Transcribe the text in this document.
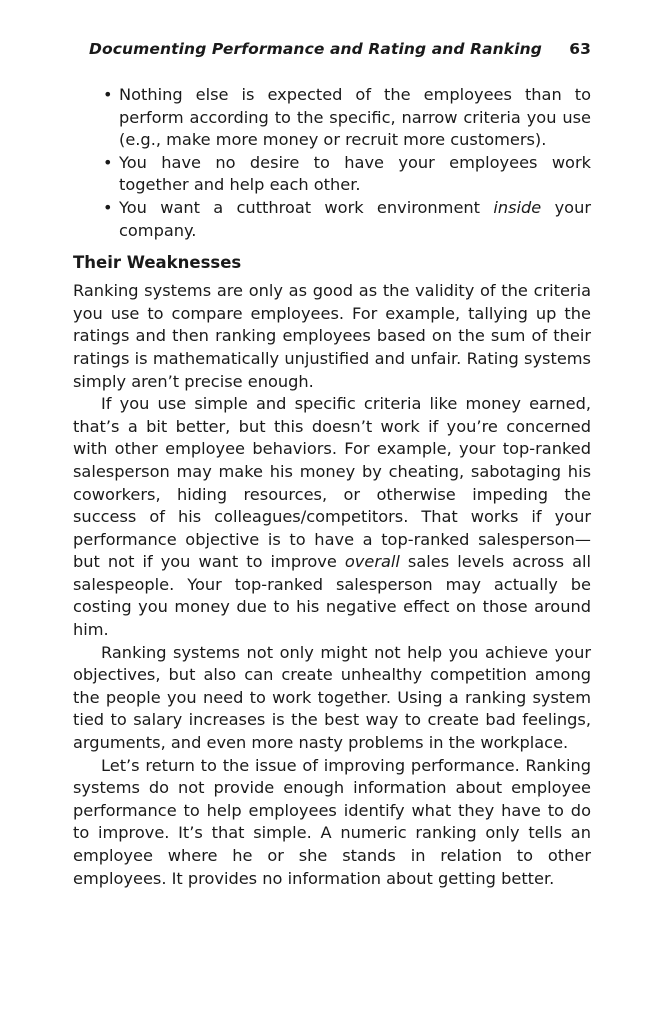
Documenting Performance and Rating and Ranking 63
• Nothing else is expected of the employees than to perform according to the specific, narrow criteria you use (e.g., make more money or recruit more customers).
• You have no desire to have your employees work together and help each other.
• You want a cutthroat work environment inside your company.
Their Weaknesses

Ranking systems are only as good as the validity of the criteria you use to compare employees. For example, tallying up the ratings and then ranking employees based on the sum of their ratings is mathematically unjustified and unfair. Rating systems simply aren’t precise enough.

If you use simple and specific criteria like money earned, that’s a bit better, but this doesn’t work if you’re concerned with other employee behaviors. For example, your top-ranked salesperson may make his money by cheating, sabotaging his coworkers, hiding resources, or otherwise impeding the success of his colleagues/competitors. That works if your performance objective is to have a top-ranked salesperson—but not if you want to improve overall sales levels across all salespeople. Your top-ranked salesperson may actually be costing you money due to his negative effect on those around him.

Ranking systems not only might not help you achieve your objectives, but also can create unhealthy competition among the people you need to work together. Using a ranking system tied to salary increases is the best way to create bad feelings, arguments, and even more nasty problems in the workplace.

Let’s return to the issue of improving performance. Ranking systems do not provide enough information about employee performance to help employees identify what they have to do to improve. It’s that simple. A numeric ranking only tells an employee where he or she stands in relation to other employees. It provides no information about getting better.
